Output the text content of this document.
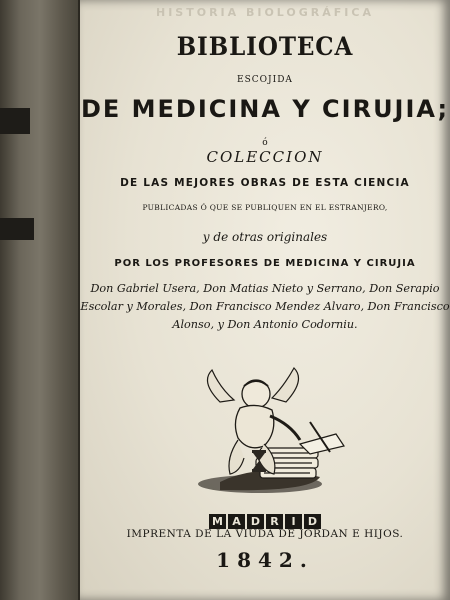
HISTORIA BIOLOGRÁFICA

BIBLIOTECA

ESCOJIDA

DE MEDICINA Y CIRUJIA;

ó

COLECCION

DE LAS MEJORES OBRAS DE ESTA CIENCIA

PUBLICADAS Ó QUE SE PUBLIQUEN EN EL ESTRANJERO,

y de otras originales

POR LOS PROFESORES DE MEDICINA Y CIRUJIA

Don Gabriel Usera, Don Matias Nieto y Serrano, Don Serapio
Escolar y Morales, Don Francisco Mendez Alvaro, Don Francisco
Alonso, y Don Antonio Codorniu.
M A D R	I	D

IMPRENTA DE LA VIUDA DE JORDAN E HIJOS.

1842.
